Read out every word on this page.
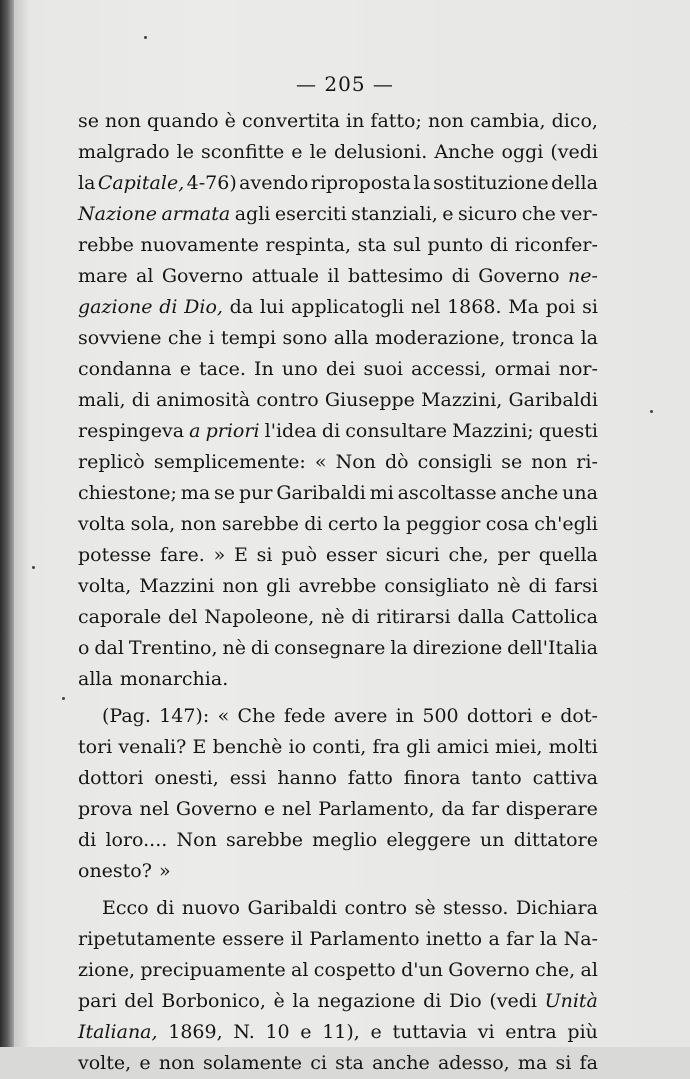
— 205 —
se non quando è convertita in fatto; non cambia, dico,
malgrado le sconfitte e le delusioni. Anche oggi (vedi
la Capitale, 4-76) avendo riproposta la sostituzione della
Nazione armata agli eserciti stanziali, e sicuro che ver-
rebbe nuovamente respinta, sta sul punto di riconfer-
mare al Governo attuale il battesimo di Governo ne-
gazione di Dio, da lui applicatogli nel 1868. Ma poi si
sovviene che i tempi sono alla moderazione, tronca la
condanna e tace. In uno dei suoi accessi, ormai nor-
mali, di animosità contro Giuseppe Mazzini, Garibaldi
respingeva a priori l'idea di consultare Mazzini; questi
replicò semplicemente: « Non dò consigli se non ri-
chiestone; ma se pur Garibaldi mi ascoltasse anche una
volta sola, non sarebbe di certo la peggior cosa ch'egli
potesse fare. » E si può esser sicuri che, per quella
volta, Mazzini non gli avrebbe consigliato nè di farsi
caporale del Napoleone, nè di ritirarsi dalla Cattolica
o dal Trentino, nè di consegnare la direzione dell'Italia
alla monarchia.
(Pag. 147): « Che fede avere in 500 dottori e dot-
tori venali? E benchè io conti, fra gli amici miei, molti
dottori onesti, essi hanno fatto finora tanto cattiva
prova nel Governo e nel Parlamento, da far disperare
di loro.... Non sarebbe meglio eleggere un dittatore
onesto? »
Ecco di nuovo Garibaldi contro sè stesso. Dichiara
ripetutamente essere il Parlamento inetto a far la Na-
zione, precipuamente al cospetto d'un Governo che, al
pari del Borbonico, è la negazione di Dio (vedi Unità
Italiana, 1869, N. 10 e 11), e tuttavia vi entra più
volte, e non solamente ci sta anche adesso, ma si fa
